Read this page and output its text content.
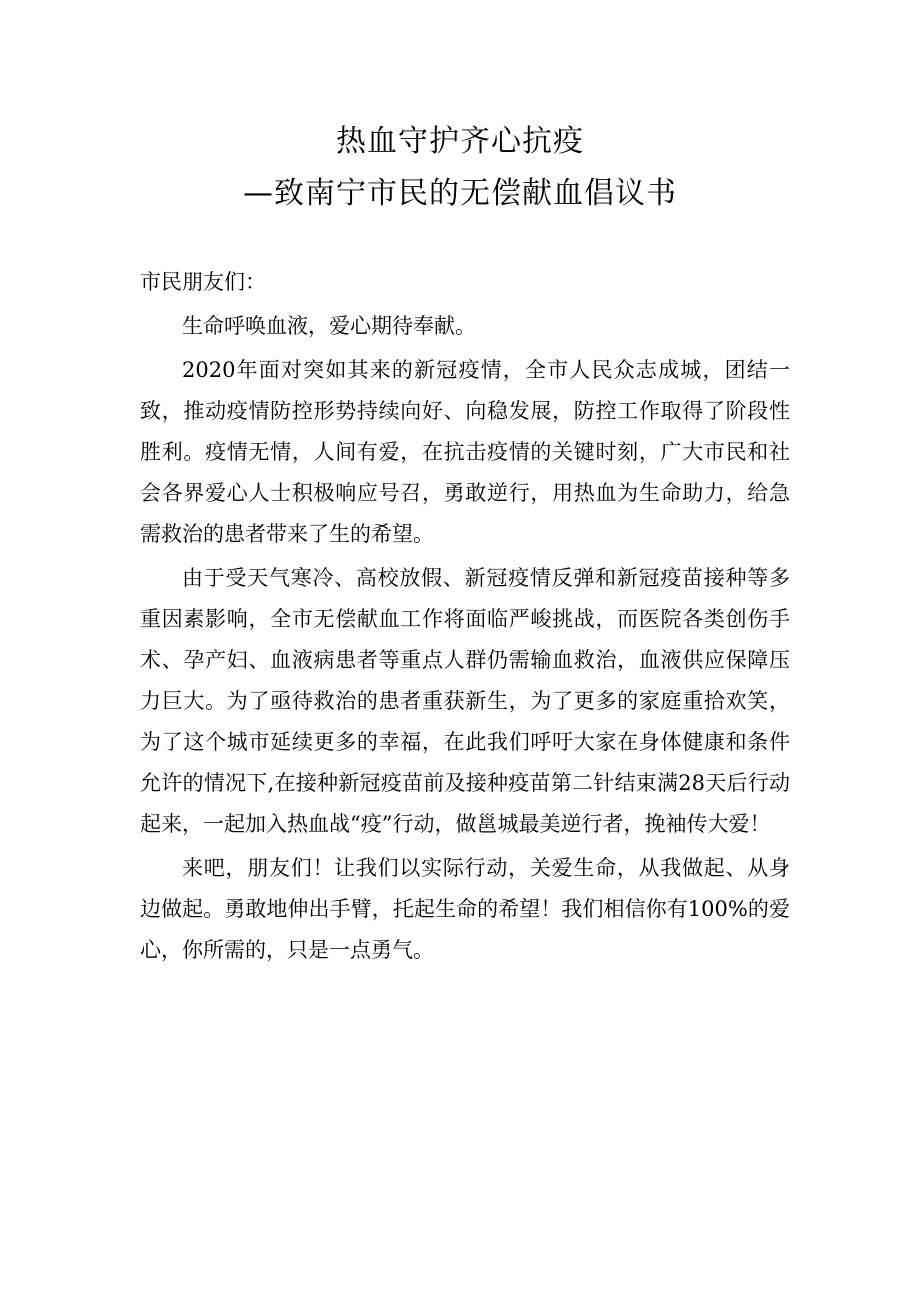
热血守护齐心抗疫
—致南宁市民的无偿献血倡议书

市民朋友们：

生命呼唤血液，爱心期待奉献。

2020年面对突如其来的新冠疫情，全市人民众志成城，团结一致，推动疫情防控形势持续向好、向稳发展，防控工作取得了阶段性胜利。疫情无情，人间有爱，在抗击疫情的关键时刻，广大市民和社会各界爱心人士积极响应号召，勇敢逆行，用热血为生命助力，给急需救治的患者带来了生的希望。

由于受天气寒冷、高校放假、新冠疫情反弹和新冠疫苗接种等多重因素影响，全市无偿献血工作将面临严峻挑战，而医院各类创伤手术、孕产妇、血液病患者等重点人群仍需输血救治，血液供应保障压力巨大。为了亟待救治的患者重获新生，为了更多的家庭重拾欢笑，为了这个城市延续更多的幸福，在此我们呼吁大家在身体健康和条件允许的情况下,在接种新冠疫苗前及接种疫苗第二针结束满28天后行动起来，一起加入热血战“疫”行动，做邕城最美逆行者，挽袖传大爱！

来吧，朋友们！让我们以实际行动，关爱生命，从我做起、从身边做起。勇敢地伸出手臂，托起生命的希望！我们相信你有100%的爱心，你所需的，只是一点勇气。
